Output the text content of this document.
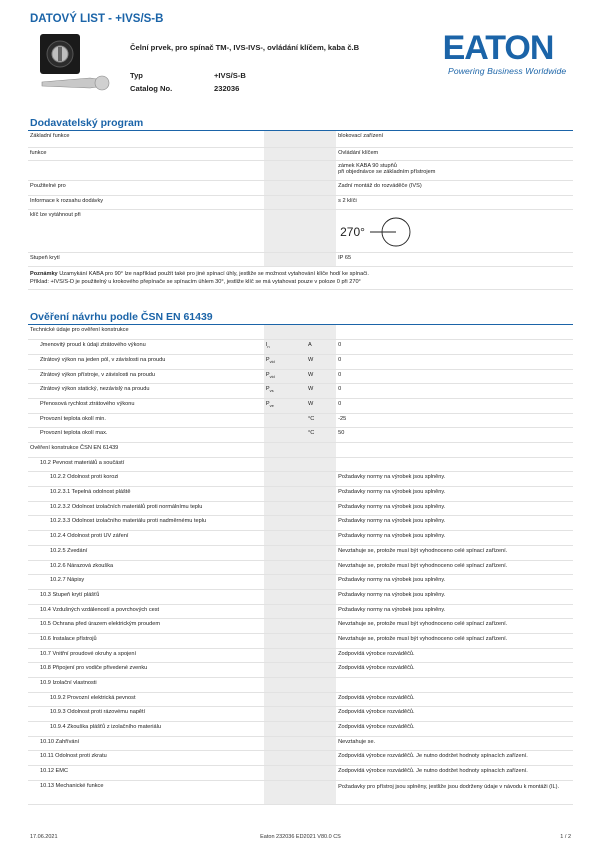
DATOVÝ LIST - +IVS/S-B
Čelní prvek, pro spínač TM-, IVS-IVS-, ovládání klíčem, kaba č.B
Typ	+IVS/S-B
Catalog No.	232036
EATON
Powering Business Worldwide
Dodavatelský program
Základní funkce		blokovací zařízení
funkce		Ovládání klíčem

		zámek KABA 90 stupňů
při objednávce se základním přístrojem

Použitelné pro		Zadní montáž do rozváděče (IVS)
Informace k rozsahu dodávky		s 2 klíči
klíč lze vytáhnout při		270°

Stupeň krytí		IP 65
Poznámky Uzamykání KABA pro 90° lze například použít také pro jiné spínací úhly, jestliže se možnost vytahování klíče hodí ke spínači.
Příklad: +IVS/S-D je použitelný u krokového přepínače se spínacím úhlem 30°, jestliže klíč se má vytahovat pouze v poloze 0 při 270°
Ověření návrhu podle ČSN EN 61439
Technické údaje pro ověření konstrukce			
Jmenovitý proud k údaji ztrátového výkonu	$I_n$	A	0
Ztrátový výkon na jeden pól, v závislosti na proudu	$P_{vid}$	W	0
Ztrátový výkon přístroje, v závislosti na proudu	$P_{vid}$	W	0
Ztrátový výkon statický, nezávislý na proudu	$P_{vs}$	W	0
Přenosová rychlost ztrátového výkonu	$P_{ve}$	W	0
Provozní teplota okolí min.		°C	-25
Provozní teplota okolí max.		°C	50
Ověření konstrukce ČSN EN 61439			
10.2 Pevnost materiálů a součástí			
10.2.2 Odolnost proti korozi			Požadavky normy na výrobek jsou splněny.
10.2.3.1 Tepelná odolnost pláště			Požadavky normy na výrobek jsou splněny.
10.2.3.2 Odolnost izolačních materiálů proti normálnímu teplu			Požadavky normy na výrobek jsou splněny.
10.2.3.3 Odolnost izolačního materiálu proti nadměrnému teplu			Požadavky normy na výrobek jsou splněny.
10.2.4 Odolnost proti UV záření			Požadavky normy na výrobek jsou splněny.
10.2.5 Zvedání			Nevztahuje se, protože musí být vyhodnoceno celé spínací zařízení.
10.2.6 Nárazová zkouška			Nevztahuje se, protože musí být vyhodnoceno celé spínací zařízení.
10.2.7 Nápisy			Požadavky normy na výrobek jsou splněny.
10.3 Stupeň krytí plášťů			Požadavky normy na výrobek jsou splněny.
10.4 Vzdušných vzdáleností a povrchových cest			Požadavky normy na výrobek jsou splněny.
10.5 Ochrana před úrazem elektrickým proudem			Nevztahuje se, protože musí být vyhodnoceno celé spínací zařízení.
10.6 Instalace přístrojů			Nevztahuje se, protože musí být vyhodnoceno celé spínací zařízení.
10.7 Vnitřní proudové okruhy a spojení			Zodpovídá výrobce rozváděčů.
10.8 Připojení pro vodiče přivedené zvenku			Zodpovídá výrobce rozváděčů.
10.9 Izolační vlastnosti			
10.9.2 Provozní elektrická pevnost			Zodpovídá výrobce rozváděčů.
10.9.3 Odolnost proti rázovému napětí			Zodpovídá výrobce rozváděčů.
10.9.4 Zkouška plášťů z izolačního materiálu			Zodpovídá výrobce rozváděčů.
10.10 Zahřívání			Nevztahuje se.
10.11 Odolnost proti zkratu			Zodpovídá výrobce rozváděčů. Je nutno dodržet hodnoty spínacích zařízení.
10.12 EMC			Zodpovídá výrobce rozváděčů. Je nutno dodržet hodnoty spínacích zařízení.
10.13 Mechanické funkce			Požadavky pro přístroj jsou splněny, jestliže jsou dodrženy údaje v návodu k montáži (IL).
17.06.2021	Eaton 232036 ED2021 V80.0 CS	1 / 2
